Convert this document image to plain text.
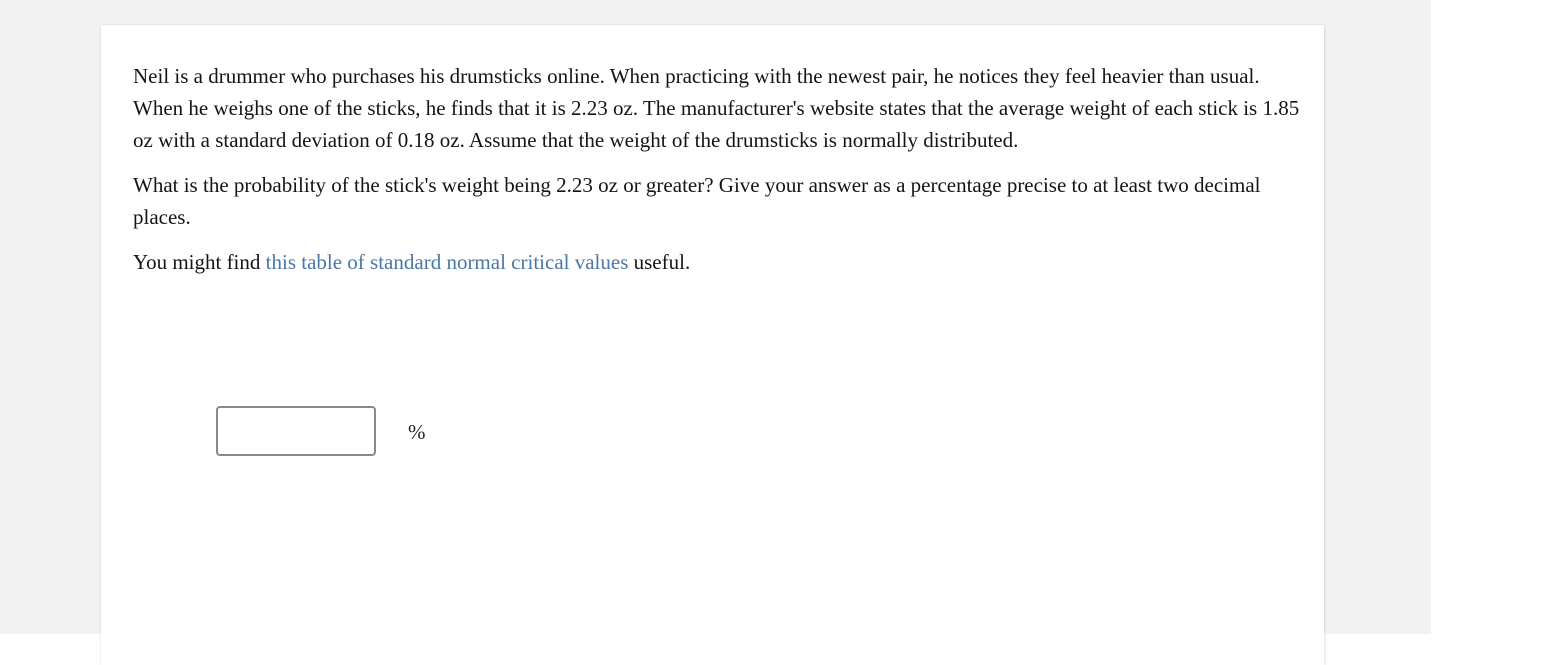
Neil is a drummer who purchases his drumsticks online. When practicing with the newest pair, he notices they feel heavier than usual. When he weighs one of the sticks, he finds that it is 2.23 oz. The manufacturer's website states that the average weight of each stick is 1.85 oz with a standard deviation of 0.18 oz. Assume that the weight of the drumsticks is normally distributed.

What is the probability of the stick's weight being 2.23 oz or greater? Give your answer as a percentage precise to at least two decimal places.

You might find this table of standard normal critical values useful.

%
